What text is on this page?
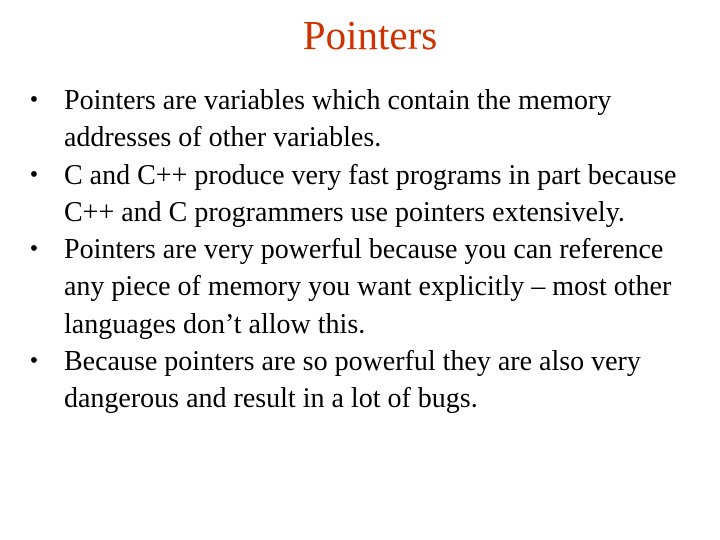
Pointers
• Pointers are variables which contain the memory addresses of other variables.
• C and C++ produce very fast programs in part because C++ and C programmers use pointers extensively.
• Pointers are very powerful because you can reference any piece of memory you want explicitly – most other languages don’t allow this.
• Because pointers are so powerful they are also very dangerous and result in a lot of bugs.
